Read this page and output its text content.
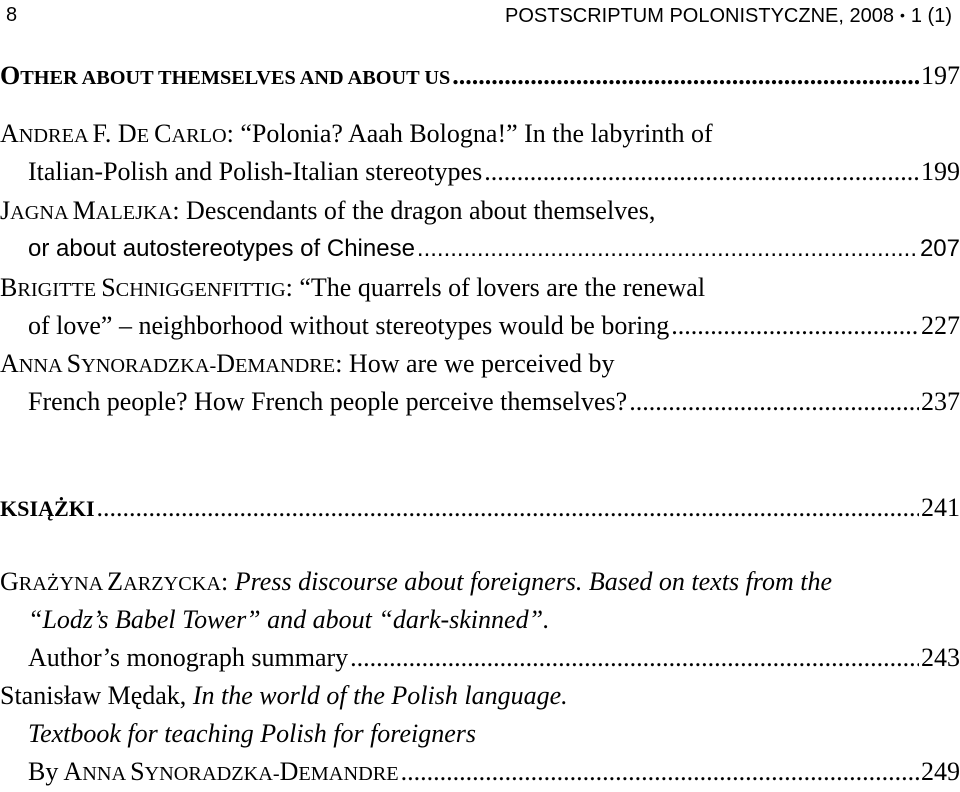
8	POSTSCRIPTUM POLONISTYCZNE, 2008 • 1 (1)
OTHER ABOUT THEMSELVES AND ABOUT US .....	197
ANDREA F. DE CARLO: “Polonia? Aaah Bologna!” In the labyrinth of
Italian-Polish and Polish-Italian stereotypes .....	199
JAGNA MALEJKA: Descendants of the dragon about themselves,
or about autostereotypes of Chinese .....	207
BRIGITTE SCHNIGGENFITTIG: “The quarrels of lovers are the renewal
of love” – neighborhood without stereotypes would be boring .....	227
ANNA SYNORADZKA-DEMANDRE: How are we perceived by
French people? How French people perceive themselves? .....	237
KSIĄŻKI .....	241
GRAŻYNA ZARZYCKA: Press discourse about foreigners. Based on texts from the
“Lodz’s Babel Tower” and about “dark-skinned”.
Author’s monograph summary .....	243
Stanisław Mędak, In the world of the Polish language.
Textbook for teaching Polish for foreigners
By ANNA SYNORADZKA-DEMANDRE .....	249
